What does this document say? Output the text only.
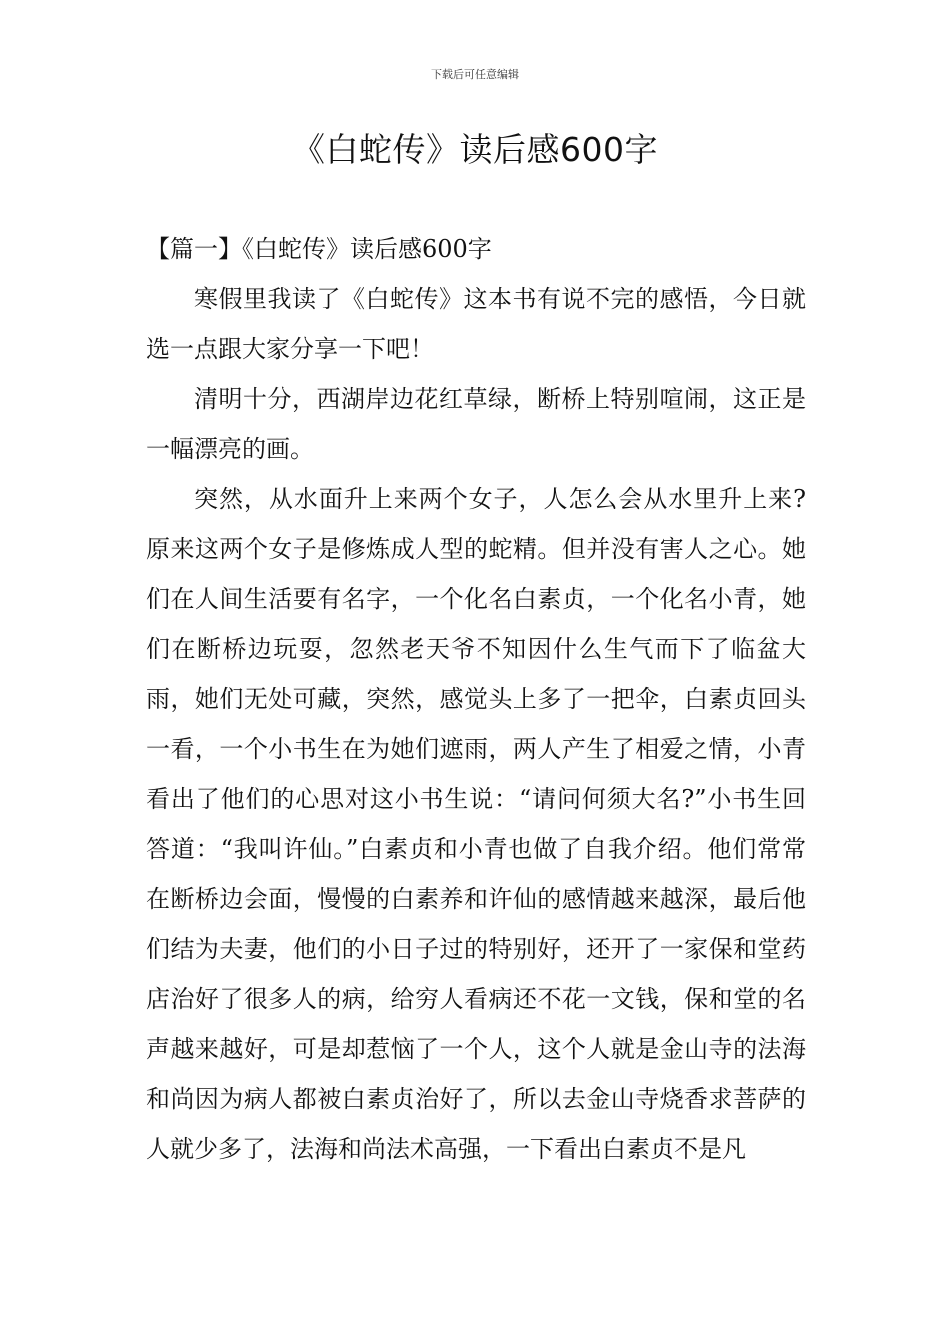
下载后可任意编辑
《白蛇传》读后感600字

【篇一】《白蛇传》读后感600字

寒假里我读了《白蛇传》这本书有说不完的感悟，今日就选一点跟大家分享一下吧！

清明十分，西湖岸边花红草绿，断桥上特别喧闹，这正是一幅漂亮的画。

突然，从水面升上来两个女子，人怎么会从水里升上来?原来这两个女子是修炼成人型的蛇精。但并没有害人之心。她们在人间生活要有名字，一个化名白素贞，一个化名小青，她们在断桥边玩耍，忽然老天爷不知因什么生气而下了临盆大雨，她们无处可藏，突然，感觉头上多了一把伞，白素贞回头一看，一个小书生在为她们遮雨，两人产生了相爱之情，小青看出了他们的心思对这小书生说：“请问何须大名?”小书生回答道：“我叫许仙。”白素贞和小青也做了自我介绍。他们常常在断桥边会面，慢慢的白素养和许仙的感情越来越深，最后他们结为夫妻，他们的小日子过的特别好，还开了一家保和堂药店治好了很多人的病，给穷人看病还不花一文钱，保和堂的名声越来越好，可是却惹恼了一个人，这个人就是金山寺的法海和尚因为病人都被白素贞治好了，所以去金山寺烧香求菩萨的人就少多了，法海和尚法术高强，一下看出白素贞不是凡
